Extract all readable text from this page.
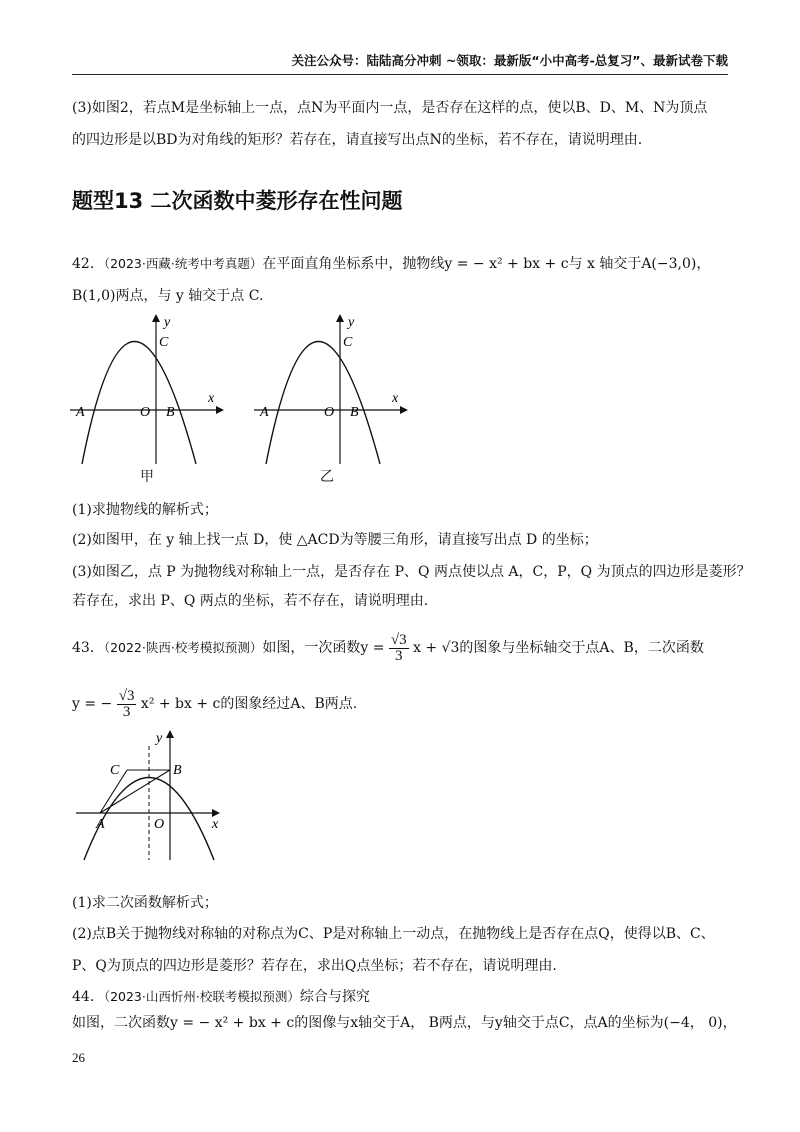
关注公众号：陆陆高分冲刺 ~领取：最新版“小中高考-总复习”、最新试卷下载
(3)如图2，若点M是坐标轴上一点，点N为平面内一点，是否存在这样的点，使以B、D、M、N为顶点
的四边形是以BD为对角线的矩形？若存在，请直接写出点N的坐标，若不存在，请说明理由.
题型13 二次函数中菱形存在性问题
42．（2023·西藏·统考中考真题）在平面直角坐标系中，抛物线y = − x² + bx + c与 x 轴交于A(−3,0)，
B(1,0)两点，与 y 轴交于点 C.
y
C
x
A	O B
甲
y
C
x
A	O B
乙
(1)求抛物线的解析式；
(2)如图甲，在 y 轴上找一点 D，使 △ACD为等腰三角形，请直接写出点 D 的坐标；
(3)如图乙，点 P 为抛物线对称轴上一点，是否存在 P、Q 两点使以点 A，C，P，Q 为顶点的四边形是菱形？
若存在，求出 P、Q 两点的坐标，若不存在，请说明理由.
43．（2022·陕西·校考模拟预测）如图，一次函数$y = \frac{√3}{3}$ x + √3的图象与坐标轴交于点A、B，二次函数
y = − $\frac{√3}{3} x^2$ + bx + c的图象经过A、B两点.
y
C	B
x
A	O
(1)求二次函数解析式；
(2)点B关于抛物线对称轴的对称点为C、P是对称轴上一动点，在抛物线上是否存在点Q，使得以B、C、
P、Q为顶点的四边形是菱形？若存在，求出Q点坐标；若不存在，请说明理由.
44．（2023·山西忻州·校联考模拟预测）综合与探究
如图，二次函数y = − x² + bx + c的图像与x轴交于A， B两点，与y轴交于点C，点A的坐标为(−4， 0)，
26
